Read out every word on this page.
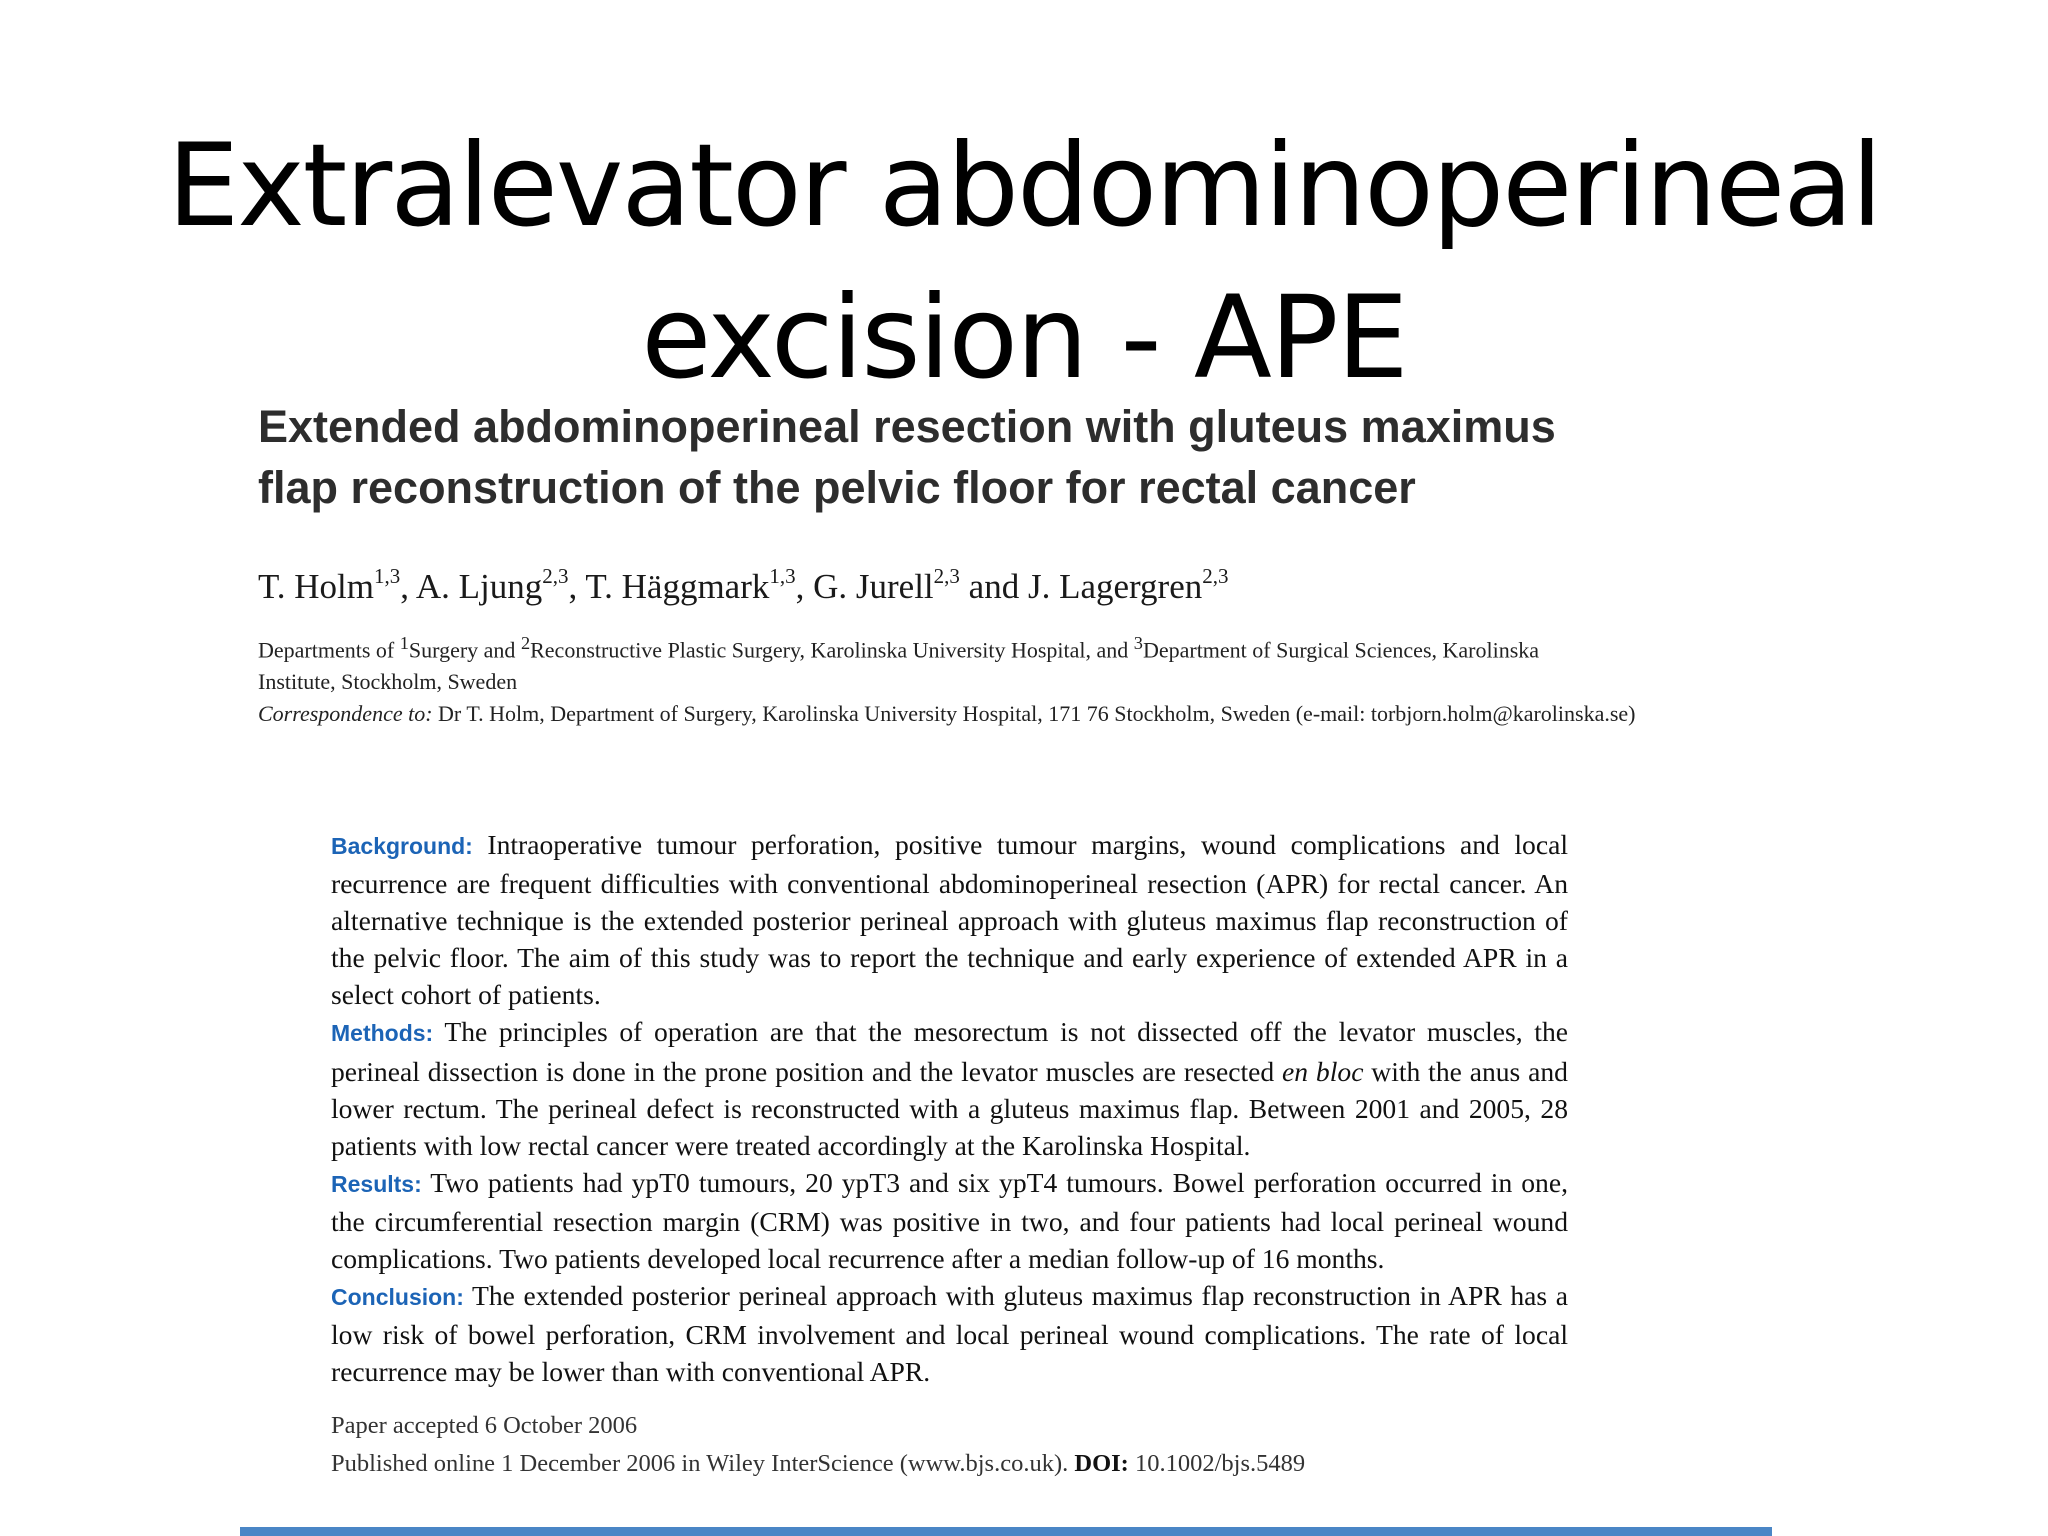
Extralevator abdominoperineal
excision - APE
Extended abdominoperineal resection with gluteus maximus
flap reconstruction of the pelvic floor for rectal cancer

T. Holm$^{1,3}$, A. Ljung$^{2,3}$, T. Häggmark$^{1,3}$, G. Jurell$^{2,3}$ and J. Lagergren$^{2,3}$

Departments of $^1$Surgery and $^2$Reconstructive Plastic Surgery, Karolinska University Hospital, and $^3$Department of Surgical Sciences, Karolinska

Institute, Stockholm, Sweden

Correspondence to: Dr T. Holm, Department of Surgery, Karolinska University Hospital, 171 76 Stockholm, Sweden (e-mail: torbjorn.holm@karolinska.se)

Background: Intraoperative tumour perforation, positive tumour margins, wound complications and local recurrence are frequent difficulties with conventional abdominoperineal resection (APR) for rectal cancer. An alternative technique is the extended posterior perineal approach with gluteus maximus flap reconstruction of the pelvic floor. The aim of this study was to report the technique and early experience of extended APR in a select cohort of patients.

Methods: The principles of operation are that the mesorectum is not dissected off the levator muscles, the perineal dissection is done in the prone position and the levator muscles are resected en bloc with the anus and lower rectum. The perineal defect is reconstructed with a gluteus maximus flap. Between 2001 and 2005, 28 patients with low rectal cancer were treated accordingly at the Karolinska Hospital.

Results: Two patients had ypT0 tumours, 20 ypT3 and six ypT4 tumours. Bowel perforation occurred in one, the circumferential resection margin (CRM) was positive in two, and four patients had local perineal wound complications. Two patients developed local recurrence after a median follow-up of 16 months.

Conclusion: The extended posterior perineal approach with gluteus maximus flap reconstruction in APR has a low risk of bowel perforation, CRM involvement and local perineal wound complications. The rate of local recurrence may be lower than with conventional APR.

Paper accepted 6 October 2006

Published online 1 December 2006 in Wiley InterScience (www.bjs.co.uk). DOI: 10.1002/bjs.5489
